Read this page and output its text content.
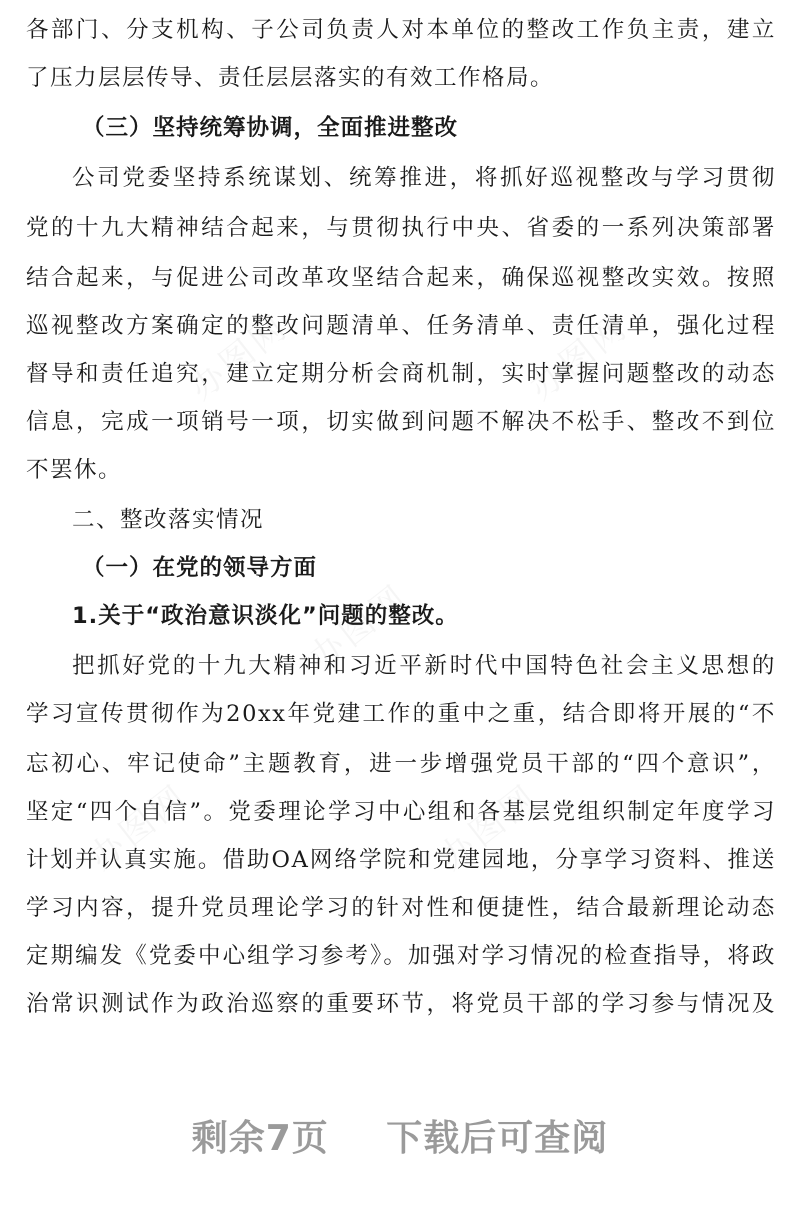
办图网	办图网
办图网
办图网	办图网
各部门、分支机构、子公司负责人对本单位的整改工作负主责，建立
了压力层层传导、责任层层落实的有效工作格局。
（三）坚持统筹协调，全面推进整改
公司党委坚持系统谋划、统筹推进，将抓好巡视整改与学习贯彻
党的十九大精神结合起来，与贯彻执行中央、省委的一系列决策部署
结合起来，与促进公司改革攻坚结合起来，确保巡视整改实效。按照
巡视整改方案确定的整改问题清单、任务清单、责任清单，强化过程
督导和责任追究，建立定期分析会商机制，实时掌握问题整改的动态
信息，完成一项销号一项，切实做到问题不解决不松手、整改不到位
不罢休。
二、整改落实情况
（一）在党的领导方面
1.关于“政治意识淡化”问题的整改。
把抓好党的十九大精神和习近平新时代中国特色社会主义思想的
学习宣传贯彻作为20xx年党建工作的重中之重，结合即将开展的“不
忘初心、牢记使命”主题教育，进一步增强党员干部的“四个意识”，
坚定“四个自信”。党委理论学习中心组和各基层党组织制定年度学习
计划并认真实施。借助OA网络学院和党建园地，分享学习资料、推送
学习内容，提升党员理论学习的针对性和便捷性，结合最新理论动态
定期编发《党委中心组学习参考》。加强对学习情况的检查指导，将政
治常识测试作为政治巡察的重要环节，将党员干部的学习参与情况及
剩余7页 下载后可查阅
